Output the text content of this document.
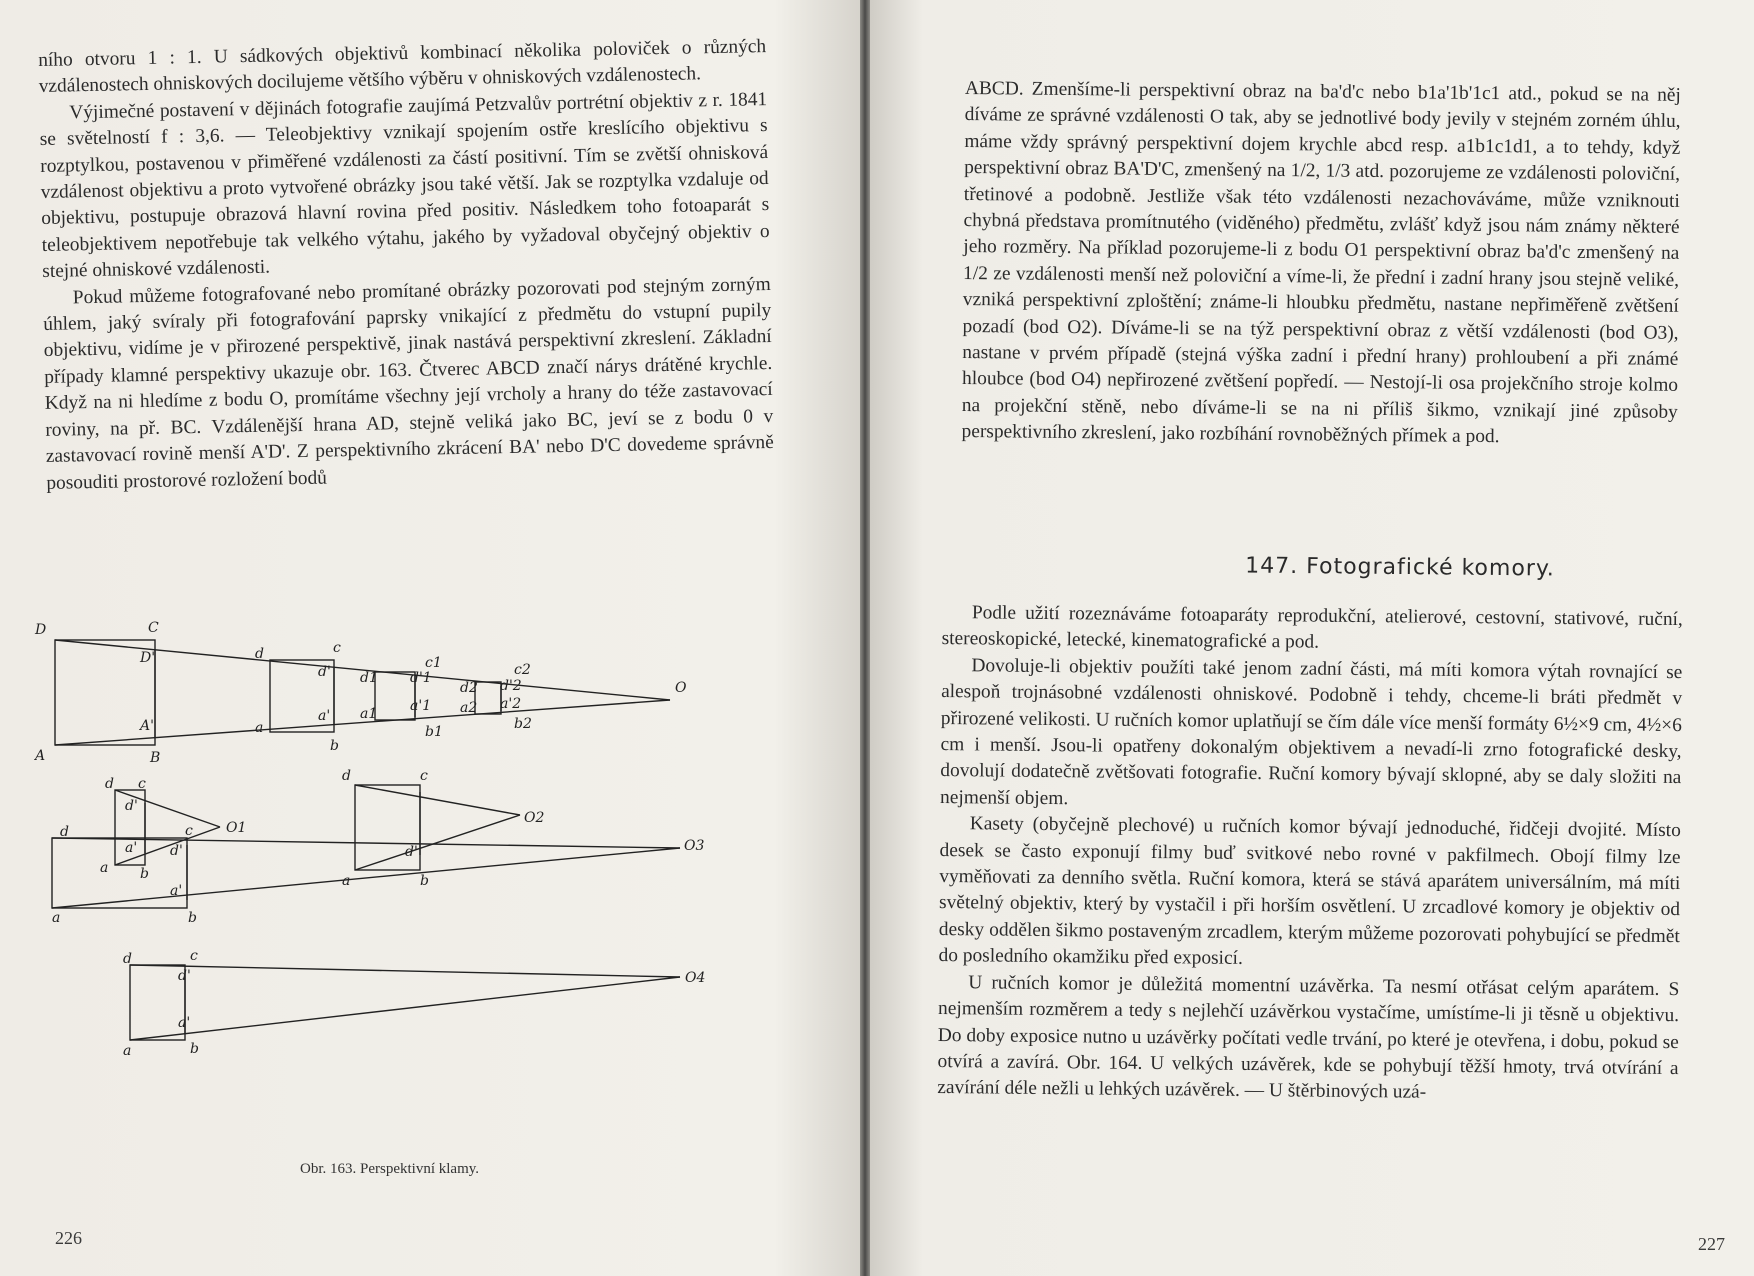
ního otvoru 1 : 1. U sádkových objektivů kombinací několika poloviček o různých vzdálenostech ohniskových docilujeme většího výběru v ohniskových vzdálenostech.

Výjimečné postavení v dějinách fotografie zaujímá Petzvalův portrétní objektiv z r. 1841 se světelností f : 3,6. — Teleobjektivy vznikají spojením ostře kreslícího objektivu s rozptylkou, postavenou v přiměřené vzdálenosti za částí positivní. Tím se zvětší ohnisková vzdálenost objektivu a proto vytvořené obrázky jsou také větší. Jak se rozptylka vzdaluje od objektivu, postupuje obrazová hlavní rovina před positiv. Následkem toho fotoaparát s teleobjektivem nepotřebuje tak velkého výtahu, jakého by vyžadoval obyčejný objektiv o stejné ohniskové vzdálenosti.

Pokud můžeme fotografované nebo promítané obrázky pozorovati pod stejným zorným úhlem, jaký svíraly při fotografování paprsky vnikající z předmětu do vstupní pupily objektivu, vidíme je v přirozené perspektivě, jinak nastává perspektivní zkreslení. Základní případy klamné perspektivy ukazuje obr. 163. Čtverec ABCD značí nárys drátěné krychle. Když na ni hledíme z bodu O, promítáme všechny její vrcholy a hrany do téže zastavovací roviny, na př. BC. Vzdálenější hrana AD, stejně veliká jako BC, jeví se z bodu 0 v zastavovací rovině menší A'D'. Z perspektivního zkrácení BA' nebo D'C dovedeme správně posouditi prostorové rozložení bodů

D	C
A	B
D'
A'
d	c
a
b
d'
a'
c1
d1
a1
b1
d'1
a'1
c2
d2
a2
b2
d'2
a'2
O
d c
a b
d'
a'
O1
d	c
a	b
d'
O2
d	c
a	b
d'
a'
O3
d	c
a	b
d'
a'
O4
Obr. 163. Perspektivní klamy.
226

ABCD. Zmenšíme-li perspektivní obraz na ba'd'c nebo b1a'1b'1c1 atd., pokud se na něj díváme ze správné vzdálenosti O tak, aby se jednotlivé body jevily v stejném zorném úhlu, máme vždy správný perspektivní dojem krychle abcd resp. a1b1c1d1, a to tehdy, když perspektivní obraz BA'D'C, zmenšený na 1/2, 1/3 atd. pozorujeme ze vzdálenosti poloviční, třetinové a podobně. Jestliže však této vzdálenosti nezachováváme, může vzniknouti chybná představa promítnutého (viděného) předmětu, zvlášť když jsou nám známy některé jeho rozměry. Na příklad pozorujeme-li z bodu O1 perspektivní obraz ba'd'c zmenšený na 1/2 ze vzdálenosti menší než poloviční a víme-li, že přední i zadní hrany jsou stejně veliké, vzniká perspektivní zploštění; známe-li hloubku předmětu, nastane nepřiměřeně zvětšení pozadí (bod O2). Díváme-li se na týž perspektivní obraz z větší vzdálenosti (bod O3), nastane v prvém případě (stejná výška zadní i přední hrany) prohloubení a při známé hloubce (bod O4) nepřirozené zvětšení popředí. — Nestojí-li osa projekčního stroje kolmo na projekční stěně, nebo díváme-li se na ni příliš šikmo, vznikají jiné způsoby perspektivního zkreslení, jako rozbíhání rovnoběžných přímek a pod.

147. Fotografické komory.

Podle užití rozeznáváme fotoaparáty reprodukční, atelierové, cestovní, stativové, ruční, stereoskopické, letecké, kinematografické a pod.

Dovoluje-li objektiv použíti také jenom zadní části, má míti komora výtah rovnající se alespoň trojnásobné vzdálenosti ohniskové. Podobně i tehdy, chceme-li bráti předmět v přirozené velikosti. U ručních komor uplatňují se čím dále více menší formáty 6½×9 cm, 4½×6 cm i menší. Jsou-li opatřeny dokonalým objektivem a nevadí-li zrno fotografické desky, dovolují dodatečně zvětšovati fotografie. Ruční komory bývají sklopné, aby se daly složiti na nejmenší objem.

Kasety (obyčejně plechové) u ručních komor bývají jednoduché, řidčeji dvojité. Místo desek se často exponují filmy buď svitkové nebo rovné v pakfilmech. Obojí filmy lze vyměňovati za denního světla. Ruční komora, která se stává aparátem universálním, má míti světelný objektiv, který by vystačil i při horším osvětlení. U zrcadlové komory je objektiv od desky oddělen šikmo postaveným zrcadlem, kterým můžeme pozorovati pohybující se předmět do posledního okamžiku před exposicí.

U ručních komor je důležitá momentní uzávěrka. Ta nesmí otřásat celým aparátem. S nejmenším rozměrem a tedy s nejlehčí uzávěrkou vystačíme, umístíme-li ji těsně u objektivu. Do doby exposice nutno u uzávěrky počítati vedle trvání, po které je otevřena, i dobu, pokud se otvírá a zavírá. Obr. 164. U velkých uzávěrek, kde se pohybují těžší hmoty, trvá otvírání a zavírání déle nežli u lehkých uzávěrek. — U štěrbinových uzá-

227
